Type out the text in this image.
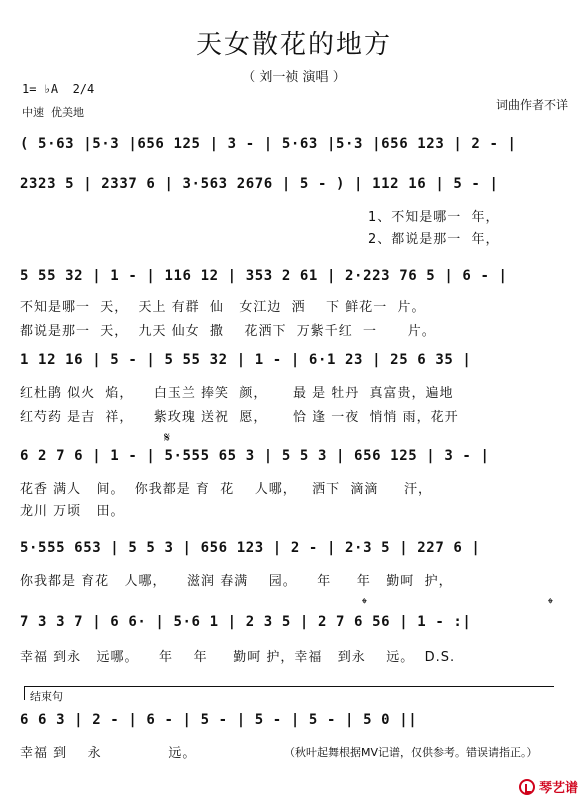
天女散花的地方
（ 刘一祯 演唱 ）
1= ♭A  2/4
中速  优美地
词曲作者不详
( 5·63 |5·3 |656 125 | 3 - | 5·63 |5·3 |656 123 | 2 - |
2323 5 | 2337 6 | 3·563 2676 | 5 - ) | 112 16 | 5 - |
1、不知是哪一  年，
2、都说是那一  年，
5 55 32 | 1 - | 116 12 | 353 2 61 | 2·223 76 5 | 6 - |
不知是哪一  天，  天上 有群  仙   女江边  洒    下 鲜花一  片。
都说是那一  天，  九天 仙女  撒    花洒下  万紫千红  一      片。
1 12 16 | 5 - | 5 55 32 | 1 - | 6·1 23 | 25 6 35 |
红杜鹃 似火  焰，    白玉兰 捧笑  颜，     最 是 牡丹  真富贵，遍地
红芍药 是吉  祥，    紫玫瑰 送祝  愿，     恰 逢 一夜  悄悄 雨，花开
𝄋
6 2 7 6 | 1 - | 5·555 65 3 | 5 5 3 | 656 125 | 3 - |
花香 满人   间。  你我都是 育  花    人哪，   洒下  滴滴     汗，
龙川 万顷   田。
5·555 653 | 5 5 3 | 656 123 | 2 - | 2·3 5 | 227 6 |
你我都是 育花   人哪，    滋润 春满    园。    年     年   勤呵  护，
𝄌	𝄌
7 3 3 7 | 6 6· | 5·6 1 | 2 3 5 | 2 7 6 56 | 1 - :|
幸福 到永   远哪。    年    年     勤呵 护，幸福   到永    远。  D.S.
结束句
6 6 3 | 2 - | 6 - | 5 - | 5 - | 5 - | 5 0 ||
幸福 到    永             远。	（秋叶起舞根据MV记谱，仅供参考。错误请指正。）
琴艺谱
